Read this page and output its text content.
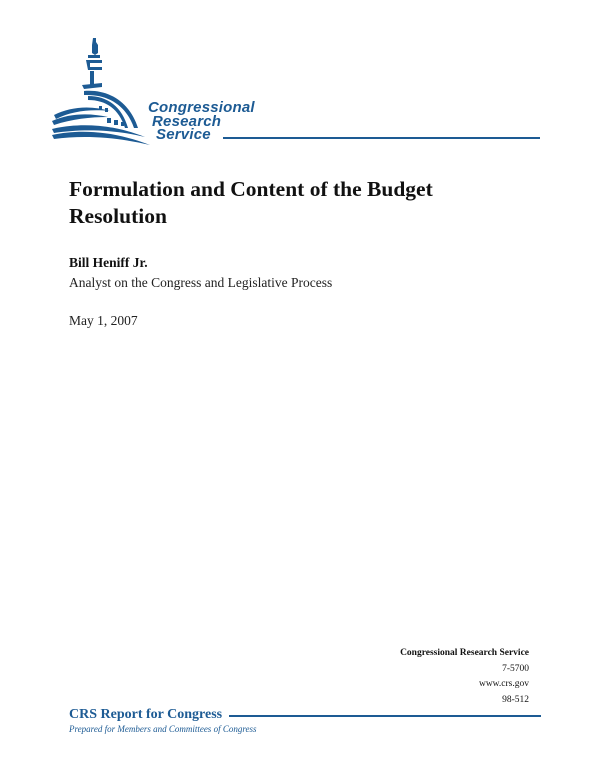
Congressional
Research
Service
Formulation and Content of the Budget Resolution
Bill Heniff Jr.
Analyst on the Congress and Legislative Process
May 1, 2007
Congressional Research Service
7-5700
www.crs.gov
98-512
CRS Report for Congress
Prepared for Members and Committees of Congress
